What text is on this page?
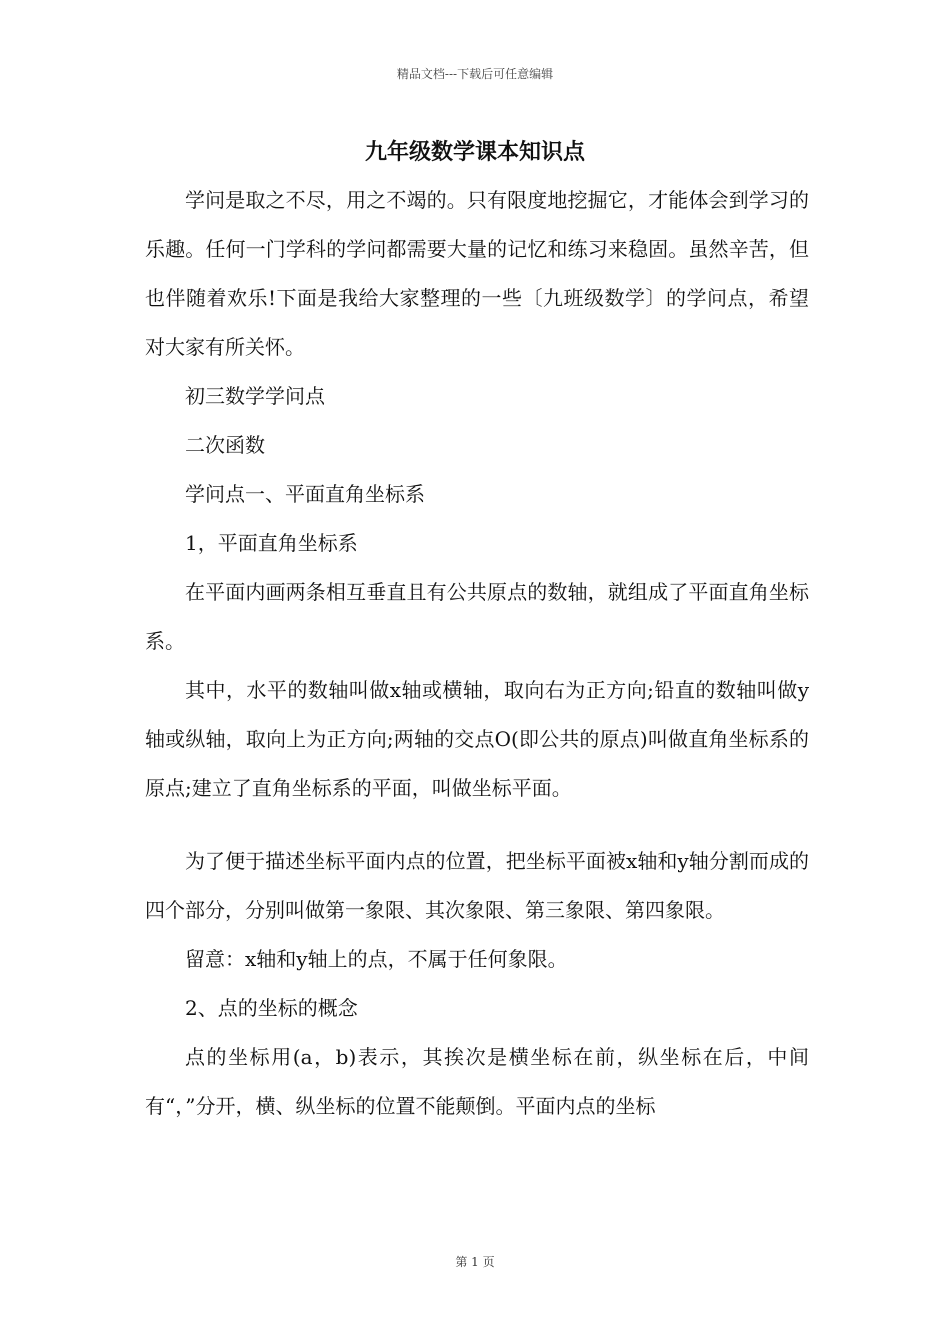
精品文档---下载后可任意编辑
九年级数学课本知识点

学问是取之不尽，用之不竭的。只有限度地挖掘它，才能体会到学习的乐趣。任何一门学科的学问都需要大量的记忆和练习来稳固。虽然辛苦，但也伴随着欢乐!下面是我给大家整理的一些〔九班级数学〕的学问点，希望对大家有所关怀。

初三数学学问点

二次函数

学问点一、平面直角坐标系

1，平面直角坐标系

在平面内画两条相互垂直且有公共原点的数轴，就组成了平面直角坐标系。

其中，水平的数轴叫做x轴或横轴，取向右为正方向;铅直的数轴叫做y轴或纵轴，取向上为正方向;两轴的交点O(即公共的原点)叫做直角坐标系的原点;建立了直角坐标系的平面，叫做坐标平面。

为了便于描述坐标平面内点的位置，把坐标平面被x轴和y轴分割而成的四个部分，分别叫做第一象限、其次象限、第三象限、第四象限。

留意：x轴和y轴上的点，不属于任何象限。

2、点的坐标的概念

点的坐标用(a，b)表示，其挨次是横坐标在前，纵坐标在后，中间有“，”分开，横、纵坐标的位置不能颠倒。平面内点的坐标

第 1 页
